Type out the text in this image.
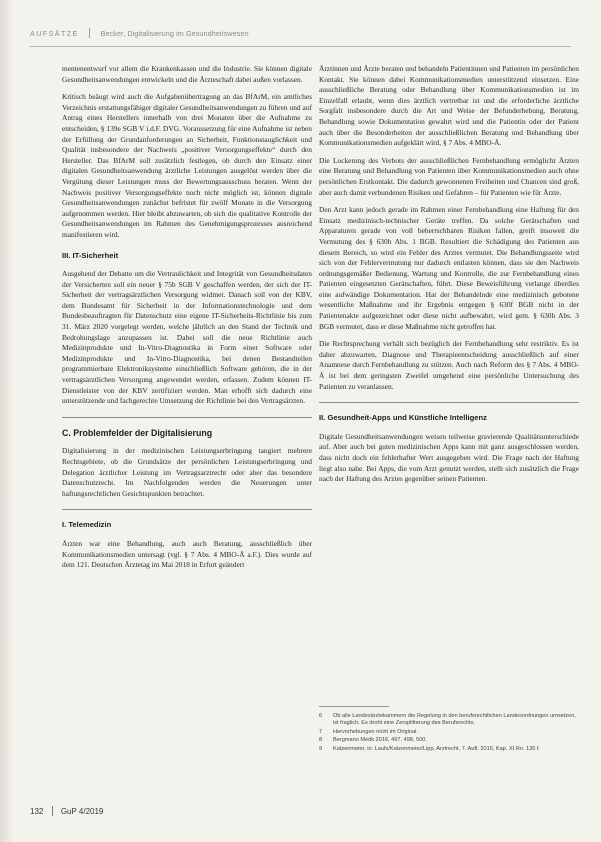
AUFSÄTZE	Becker, Digitalisierung im Gesundheitswesen

mentenentwurf vor allem die Krankenkassen und die Industrie. Sie können digitale Gesundheitsanwendungen entwickeln und die Ärzteschaft dabei außen vorlassen.

Kritisch beäugt wird auch die Aufgabenübertragung an das BfArM, ein amtliches Verzeichnis erstattungsfähiger digitaler Gesundheitsanwendungen zu führen und auf Antrag eines Herstellers innerhalb von drei Monaten über die Aufnahme zu entscheiden, § 139e SGB V i.d.F. DVG. Voraussetzung für eine Aufnahme ist neben der Erfüllung der Grundanforderungen an Sicherheit, Funktionstauglichkeit und Qualität insbesondere der Nachweis „positiver Versorgungseffekte“ durch den Hersteller. Das BfArM soll zusätzlich festlegen, ob durch den Einsatz einer digitalen Gesundheitsanwendung ärztliche Leistungen ausgelöst werden über die Vergütung dieser Leistungen muss der Bewertungsausschuss beraten. Wenn der Nachweis positiver Versorgungseffekte noch nicht möglich ist, können digitale Gesundheitsanwendungen zunächst befristet für zwölf Monate in die Versorgung aufgenommen werden. Hier bleibt abzuwarten, ob sich die qualitative Kontrolle der Gesundheitsanwendungen im Rahmen des Genehmigungsprozesses ausreichend manifestieren wird.

III. IT-Sicherheit

Ausgehend der Debatte um die Vertraulichkeit und Integrität von Gesundheitsdaten der Versicherten soll ein neuer § 75b SGB V geschaffen werden, der sich der IT-Sicherheit der vertragsärztlichen Versorgung widmet. Danach soll von der KBV, dem Bundesamt für Sicherheit in der Informationstechnologie und dem Bundesbeauftragten für Datenschutz eine eigene IT-Sicherheits-Richtlinie bis zum 31. März 2020 vorgelegt werden, welche jährlich an den Stand der Technik und Bedrohungslage anzupassen ist. Dabei soll die neue Richtlinie auch Medizinprodukte und In-Vitro-Diagnostika in Form einer Software oder Medizinprodukte und In-Vitro-Diagnostika, bei denen Bestandteilen programmierbare Elektroniksysteme einschließlich Software gehören, die in der vertragsärztlichen Versorgung angewendet werden, erfassen. Zudem können IT-Dienstleister von der KBV zertifiziert werden. Man erhofft sich dadurch eine unterstützende und fachgerechte Umsetzung der Richtlinie bei den Vertragsärzten.

C. Problemfelder der Digitalisierung

Digitalisierung in der medizinischen Leistungserbringung tangiert mehrere Rechtsgebiete, ob die Grundsätze der persönlichen Leistungserbringung und Delegation ärztlicher Leistung im Vertragsarztrecht oder aber das besondere Datenschutzrecht. Im Nachfolgenden werden die Neuerungen unter haftungsrechtlichen Gesichtspunkten betrachtet.

I. Telemedizin

Ärzten war eine Behandlung, auch auch Beratung, ausschließlich über Kommunikationsmedien untersagt (vgl. § 7 Abs. 4 MBO-Ä a.F.). Dies wurde auf dem 121. Deutschen Ärztetag im Mai 2018 in Erfurt geändert

Ärztinnen und Ärzte beraten und behandeln Patientinnen und Patienten im persönlichen Kontakt. Sie können dabei Kommunikationsmedien unterstützend einsetzen. Eine ausschließliche Beratung oder Behandlung über Kommunikationsmedien ist im Einzelfall erlaubt, wenn dies ärztlich vertretbar ist und die erforderliche ärztliche Sorgfalt insbesondere durch die Art und Weise der Befunderhebung, Beratung, Behandlung sowie Dokumentation gewahrt wird und die Patientin oder der Patient auch über die Besonderheiten der ausschließlichen Beratung und Behandlung über Kommunikationsmedien aufgeklärt wird, § 7 Abs. 4 MBO-Ä.

Die Lockerung des Verbots der ausschließlichen Fernbehandlung ermöglicht Ärzten eine Beratung und Behandlung von Patienten über Kommunikationsmedien auch ohne persönlichen Erstkontakt. Die dadurch gewonnenen Freiheiten und Chancen sind groß, aber auch damit verbundenen Risiken und Gefahren – für Patienten wie für Ärzte.

Den Arzt kann jedoch gerade im Rahmen einer Fernbehandlung eine Haftung für den Einsatz medizinisch-technischer Geräte treffen. Da solche Gerätschaften und Apparaturen gerade von voll beherrschbaren Risiken fallen, greift insoweit die Vermutung des § 630h Abs. 1 BGB. Resultiert die Schädigung des Patienten aus diesem Bereich, so wird ein Fehler des Arztes vermutet. Die Behandlungsseite wird sich von der Fehlervermutung nur dadurch entlasten können, dass sie den Nachweis ordnungsgemäßer Bedienung, Wartung und Kontrolle, die zur Fernbehandlung eines Patienten eingesetzten Gerätschaften, führt. Diese Beweisführung verlange überdies eine aufwändige Dokumentation. Hat der Behandelnde eine medizinisch gebotene wesentliche Maßnahme und ihr Ergebnis entgegen § 630f BGB nicht in der Patientenakte aufgezeichnet oder diese nicht aufbewahrt, wird gem. § 630h Abs. 3 BGB vermutet, dass er diese Maßnahme nicht getroffen hat.

Die Rechtsprechung verhält sich bezüglich der Fernbehandlung sehr restriktiv. Es ist daher abzuwarten, Diagnose und Therapieentscheidung ausschließlich auf einer Anamnese durch Fernbehandlung zu stützen. Auch nach Reform des § 7 Abs. 4 MBO-Ä ist bei dem geringsten Zweifel umgehend eine persönliche Untersuchung des Patienten zu veranlassen.

II. Gesundheit-Apps und Künstliche Intelligenz

Digitale Gesundheitsanwendungen weisen teilweise gravierende Qualitätsunterschiede auf. Aber auch bei guten medizinischen Apps kann mit ganz ausgeschlossen werden, dass nicht doch ein fehlerhafter Wert ausgegeben wird. Die Frage nach der Haftung liegt also nahe. Bei Apps, die vom Arzt genutzt werden, stellt sich zusätzlich die Frage nach der Haftung des Arztes gegenüber seinen Patienten.

6	Ob alle Landesärztekammern die Regelung in den berufsrechtlichen Landesordnungen umsetzen, ist fraglich. Es droht eine Zersplitterung des Berufsrechts.
7	Hervorhebungen nicht im Original.
8	Bergmann Medk 2016, 497, 498, 500.
9	Katzenmeier, in: Laufs/Katzenmeier/Lipp, Arztrecht, 7. Aufl. 2015, Kap. XI Rn. 136 f.
132 GuP 4/2019
